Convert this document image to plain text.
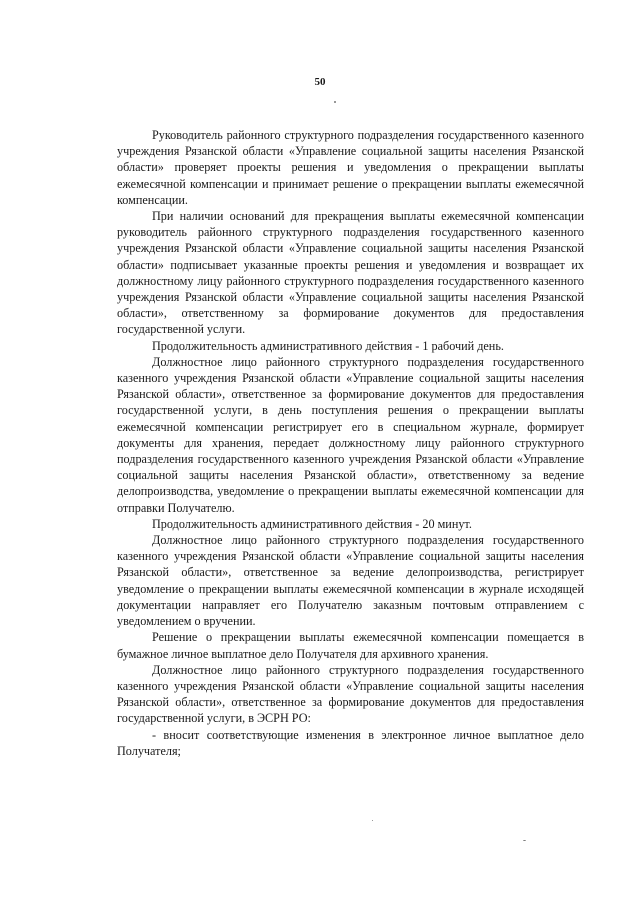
50

Руководитель районного структурного подразделения государственного казенного учреждения Рязанской области «Управление социальной защиты населения Рязанской области» проверяет проекты решения и уведомления о прекращении выплаты ежемесячной компенсации и принимает решение о прекращении выплаты ежемесячной компенсации.

При наличии оснований для прекращения выплаты ежемесячной компенсации руководитель районного структурного подразделения государственного казенного учреждения Рязанской области «Управление социальной защиты населения Рязанской области» подписывает указанные проекты решения и уведомления и возвращает их должностному лицу районного структурного подразделения государственного казенного учреждения Рязанской области «Управление социальной защиты населения Рязанской области», ответственному за формирование документов для предоставления государственной услуги.

Продолжительность административного действия - 1 рабочий день.

Должностное лицо районного структурного подразделения государственного казенного учреждения Рязанской области «Управление социальной защиты населения Рязанской области», ответственное за формирование документов для предоставления государственной услуги, в день поступления решения о прекращении выплаты ежемесячной компенсации регистрирует его в специальном журнале, формирует документы для хранения, передает должностному лицу районного структурного подразделения государственного казенного учреждения Рязанской области «Управление социальной защиты населения Рязанской области», ответственному за ведение делопроизводства, уведомление о прекращении выплаты ежемесячной компенсации для отправки Получателю.

Продолжительность административного действия - 20 минут.

Должностное лицо районного структурного подразделения государственного казенного учреждения Рязанской области «Управление социальной защиты населения Рязанской области», ответственное за ведение делопроизводства, регистрирует уведомление о прекращении выплаты ежемесячной компенсации в журнале исходящей документации направляет его Получателю заказным почтовым отправлением с уведомлением о вручении.

Решение о прекращении выплаты ежемесячной компенсации помещается в бумажное личное выплатное дело Получателя для архивного хранения.

Должностное лицо районного структурного подразделения государственного казенного учреждения Рязанской области «Управление социальной защиты населения Рязанской области», ответственное за формирование документов для предоставления государственной услуги, в ЭСРН РО:

- вносит соответствующие изменения в электронное личное выплатное дело Получателя;
